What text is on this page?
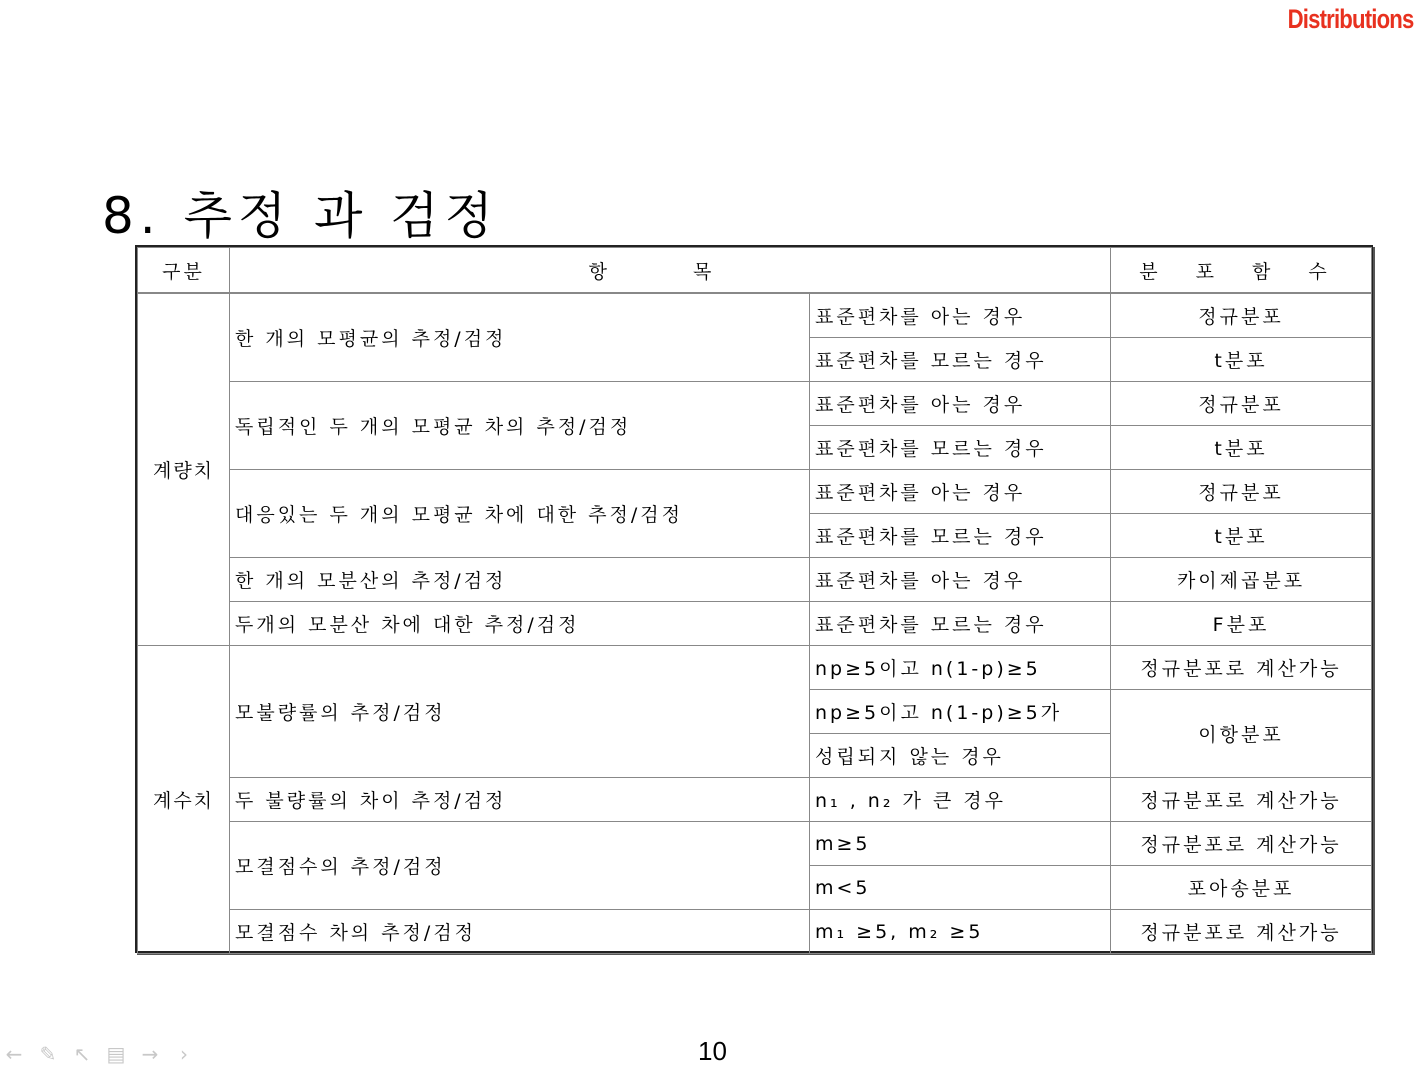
Distributions
8. 추정 과 검정
구분	항 목		분 포 함 수
계량치	한 개의 모평균의 추정/검정	표준편차를 아는 경우	정규분포
		표준편차를 모르는 경우	t분포
	독립적인 두 개의 모평균 차의 추정/검정	표준편차를 아는 경우	정규분포
		표준편차를 모르는 경우	t분포
	대응있는 두 개의 모평균 차에 대한 추정/검정	표준편차를 아는 경우	정규분포
		표준편차를 모르는 경우	t분포
	한 개의 모분산의 추정/검정	표준편차를 아는 경우	카이제곱분포
	두개의 모분산 차에 대한 추정/검정	표준편차를 모르는 경우	F분포
계수치	모불량률의 추정/검정	np≥5이고 n(1-p)≥5	정규분포로 계산가능
		np≥5이고 n(1-p)≥5가	이항분포
		성립되지 않는 경우	
	두 불량률의 차이 추정/검정	n₁ , n₂ 가 큰 경우	정규분포로 계산가능
	모결점수의 추정/검정	m≥5	정규분포로 계산가능
		m<5	포아송분포
	모결점수 차의 추정/검정	m₁ ≥5, m₂ ≥5	정규분포로 계산가능
← ✎ ↖ ▤ →	›	10
